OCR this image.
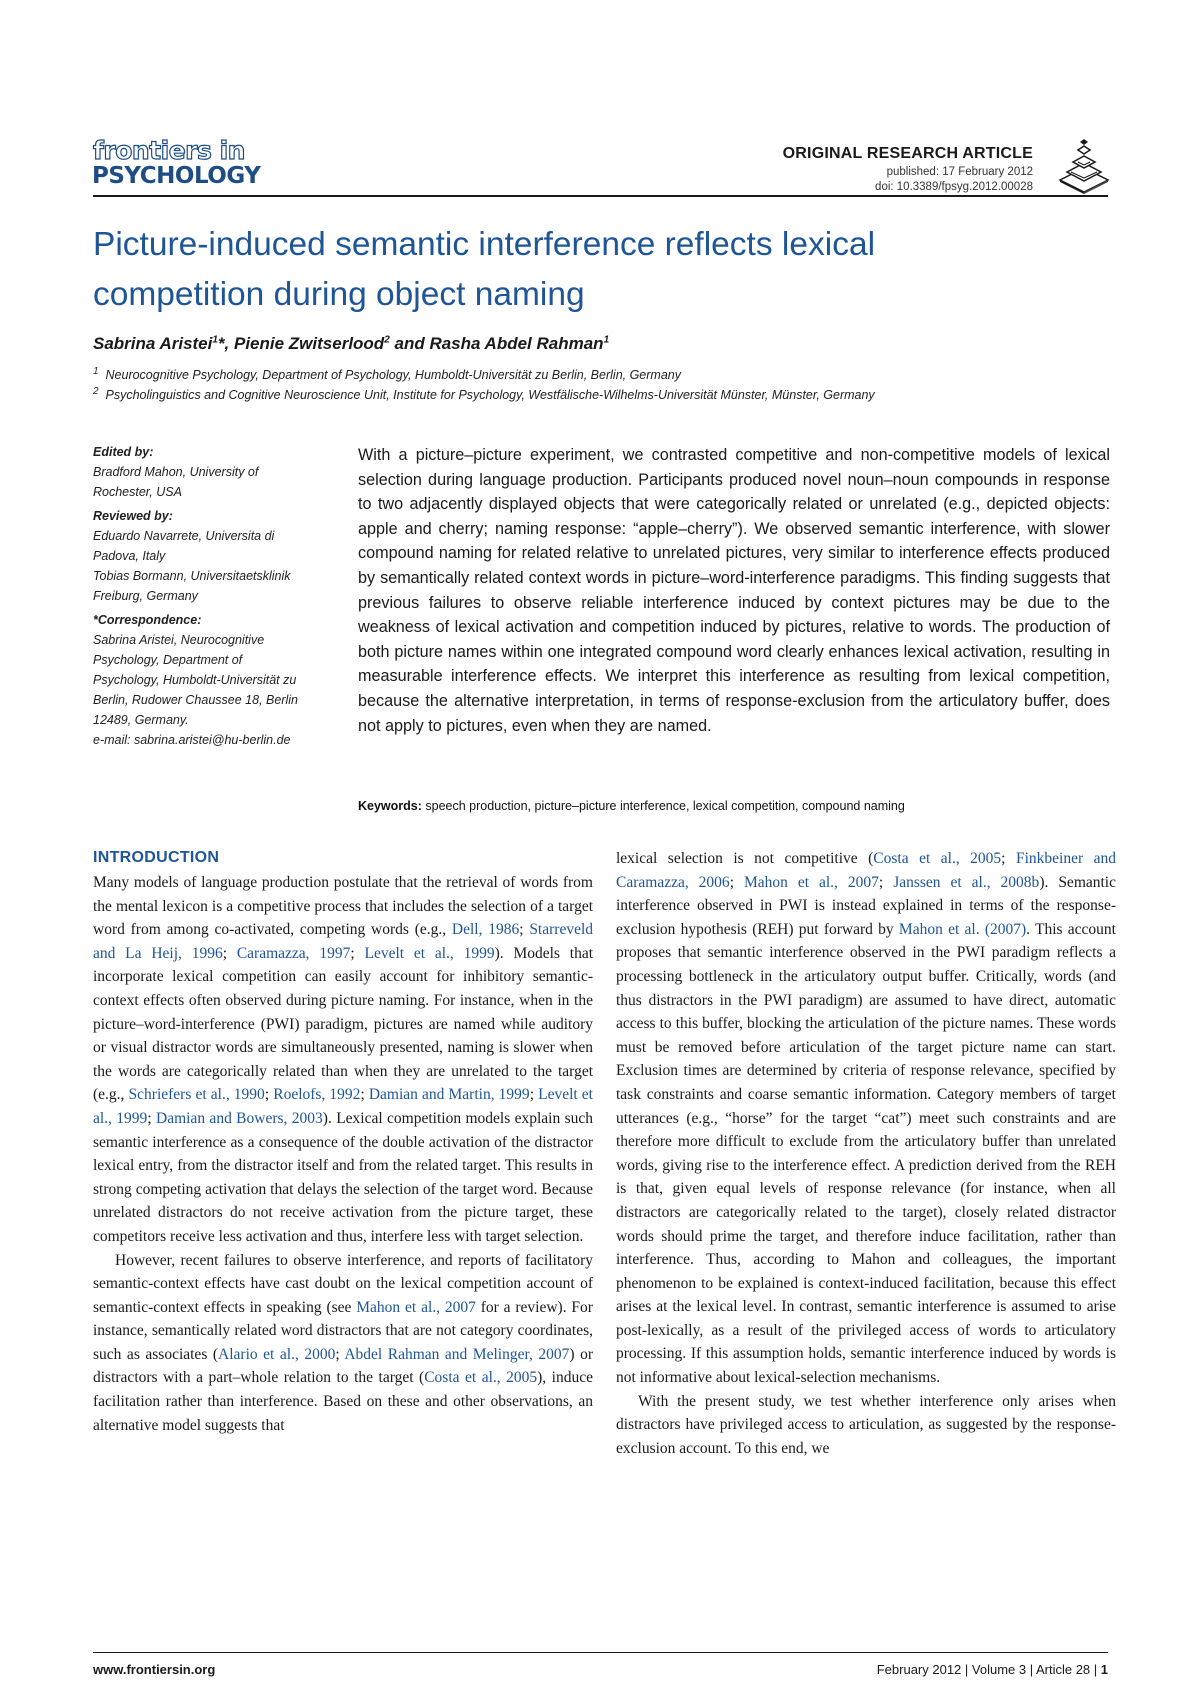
frontiers in
PSYCHOLOGY
ORIGINAL RESEARCH ARTICLE
published: 17 February 2012
doi: 10.3389/fpsyg.2012.00028
Picture-induced semantic interference reflects lexical
competition during object naming
Sabrina Aristei$^1$*, Pienie Zwitserlood$^2$ and Rasha Abdel Rahman$^1$
$^1$ Neurocognitive Psychology, Department of Psychology, Humboldt-Universität zu Berlin, Berlin, Germany
$^2$ Psycholinguistics and Cognitive Neuroscience Unit, Institute for Psychology, Westfälische-Wilhelms-Universität Münster, Münster, Germany

Edited by:

Bradford Mahon, University of

Rochester, USA

Reviewed by:

Eduardo Navarrete, Universita di

Padova, Italy

Tobias Bormann, Universitaetsklinik

Freiburg, Germany

*Correspondence:

Sabrina Aristei, Neurocognitive

Psychology, Department of

Psychology, Humboldt-Universität zu

Berlin, Rudower Chaussee 18, Berlin

12489, Germany.

e-mail: sabrina.aristei@hu-berlin.de

With a picture–picture experiment, we contrasted competitive and non-competitive models of lexical selection during language production. Participants produced novel noun–noun compounds in response to two adjacently displayed objects that were categorically related or unrelated (e.g., depicted objects: apple and cherry; naming response: “apple–cherry”). We observed semantic interference, with slower compound naming for related relative to unrelated pictures, very similar to interference effects produced by semantically related context words in picture–word-interference paradigms. This finding suggests that previous failures to observe reliable interference induced by context pictures may be due to the weakness of lexical activation and competition induced by pictures, relative to words. The production of both picture names within one integrated compound word clearly enhances lexical activation, resulting in measurable interference effects. We interpret this interference as resulting from lexical competition, because the alternative interpretation, in terms of response-exclusion from the articulatory buffer, does not apply to pictures, even when they are named.
Keywords: speech production, picture–picture interference, lexical competition, compound naming
INTRODUCTION

Many models of language production postulate that the retrieval of words from the mental lexicon is a competitive process that includes the selection of a target word from among co-activated, competing words (e.g., Dell, 1986; Starreveld and La Heij, 1996; Caramazza, 1997; Levelt et al., 1999). Models that incorporate lexical competition can easily account for inhibitory semantic-context effects often observed during picture naming. For instance, when in the picture–word-interference (PWI) paradigm, pictures are named while auditory or visual distractor words are simultaneously presented, naming is slower when the words are categorically related than when they are unrelated to the target (e.g., Schriefers et al., 1990; Roelofs, 1992; Damian and Martin, 1999; Levelt et al., 1999; Damian and Bowers, 2003). Lexical competition models explain such semantic interference as a consequence of the double activation of the distractor lexical entry, from the distractor itself and from the related target. This results in strong competing activation that delays the selection of the target word. Because unrelated distractors do not receive activation from the picture target, these competitors receive less activation and thus, interfere less with target selection.

However, recent failures to observe interference, and reports of facilitatory semantic-context effects have cast doubt on the lexical competition account of semantic-context effects in speaking (see Mahon et al., 2007 for a review). For instance, semantically related word distractors that are not category coordinates, such as associates (Alario et al., 2000; Abdel Rahman and Melinger, 2007) or distractors with a part–whole relation to the target (Costa et al., 2005), induce facilitation rather than interference. Based on these and other observations, an alternative model suggests that

lexical selection is not competitive (Costa et al., 2005; Finkbeiner and Caramazza, 2006; Mahon et al., 2007; Janssen et al., 2008b). Semantic interference observed in PWI is instead explained in terms of the response-exclusion hypothesis (REH) put forward by Mahon et al. (2007). This account proposes that semantic interference observed in the PWI paradigm reflects a processing bottleneck in the articulatory output buffer. Critically, words (and thus distractors in the PWI paradigm) are assumed to have direct, automatic access to this buffer, blocking the articulation of the picture names. These words must be removed before articulation of the target picture name can start. Exclusion times are determined by criteria of response relevance, specified by task constraints and coarse semantic information. Category members of target utterances (e.g., “horse” for the target “cat”) meet such constraints and are therefore more difficult to exclude from the articulatory buffer than unrelated words, giving rise to the interference effect. A prediction derived from the REH is that, given equal levels of response relevance (for instance, when all distractors are categorically related to the target), closely related distractor words should prime the target, and therefore induce facilitation, rather than interference. Thus, according to Mahon and colleagues, the important phenomenon to be explained is context-induced facilitation, because this effect arises at the lexical level. In contrast, semantic interference is assumed to arise post-lexically, as a result of the privileged access of words to articulatory processing. If this assumption holds, semantic interference induced by words is not informative about lexical-selection mechanisms.

With the present study, we test whether interference only arises when distractors have privileged access to articulation, as suggested by the response-exclusion account. To this end, we

www.frontiersin.org	February 2012 | Volume 3 | Article 28 | 1
